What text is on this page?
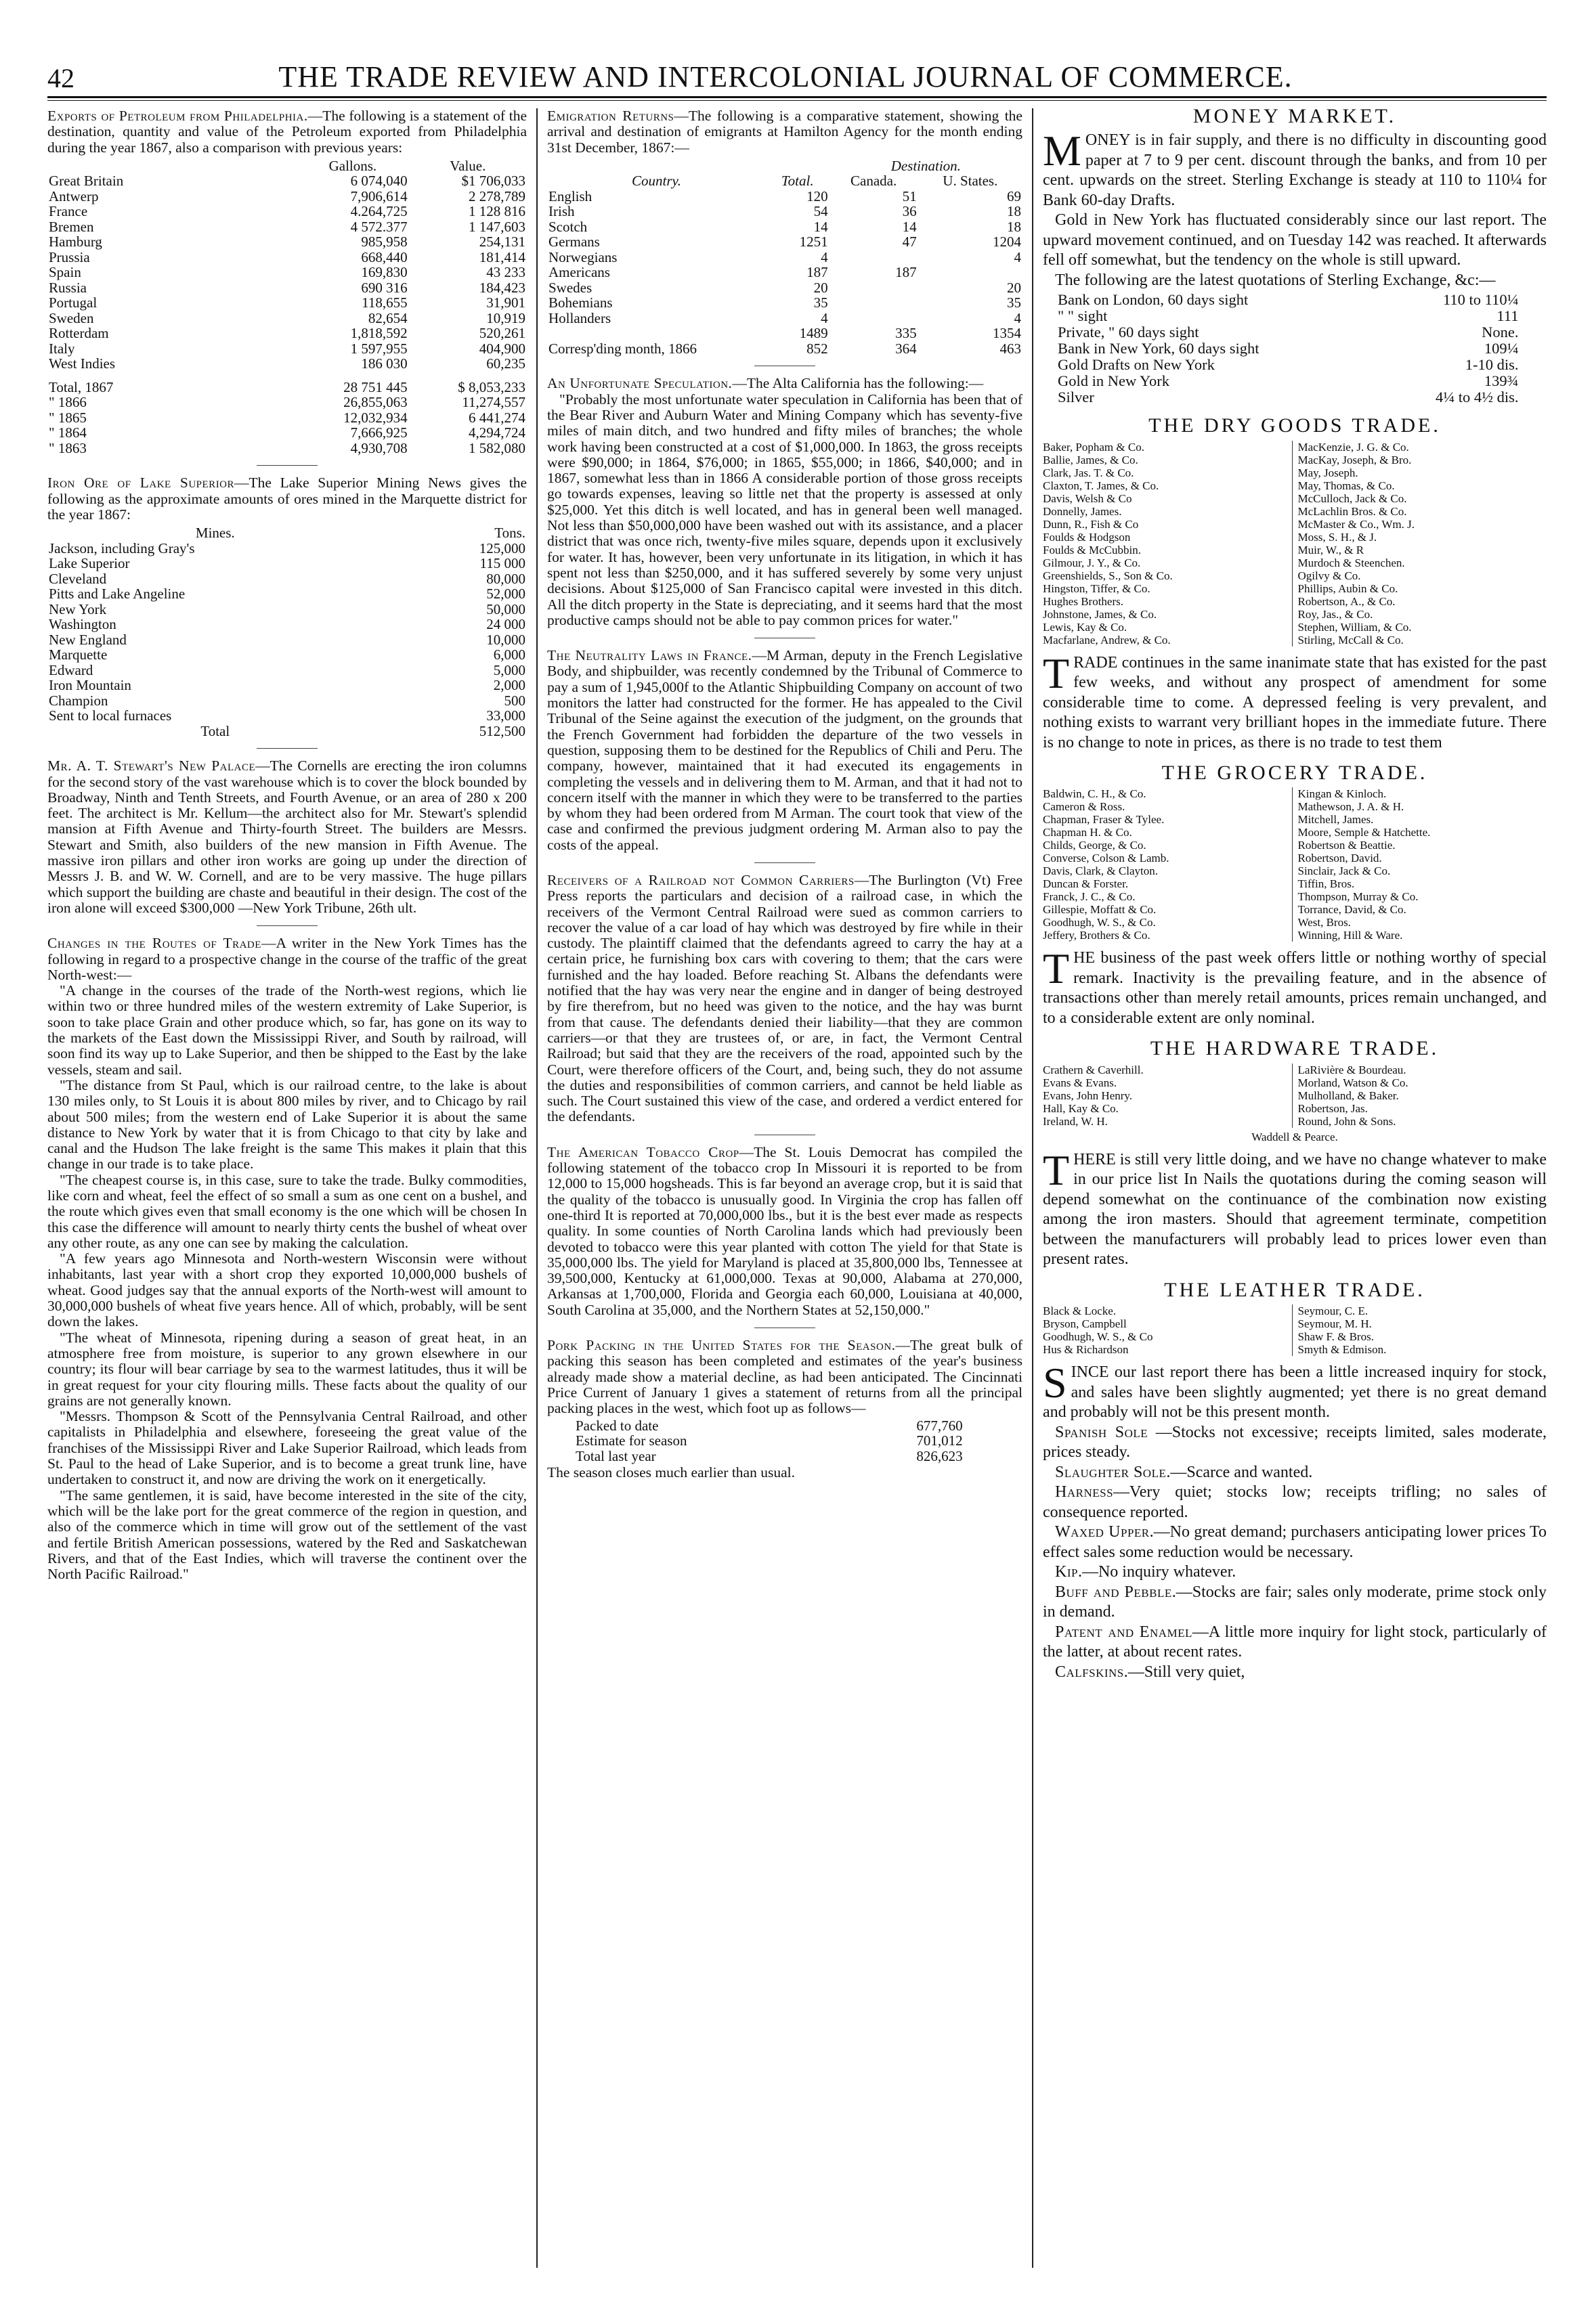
42	THE TRADE REVIEW AND INTERCOLONIAL JOURNAL OF COMMERCE.

Exports of Petroleum from Philadelphia.—The following is a statement of the destination, quantity and value of the Petroleum exported from Philadelphia during the year 1867, also a comparison with previous years:

	Gallons.	Value.
Great Britain	6 074,040	$1 706,033
Antwerp	7,906,614	2 278,789
France	4.264,725	1 128 816
Bremen	4 572.377	1 147,603
Hamburg	985,958	254,131
Prussia	668,440	181,414
Spain	169,830	43 233
Russia	690 316	184,423
Portugal	118,655	31,901
Sweden	82,654	10,919
Rotterdam	1,818,592	520,261
Italy	1 597,955	404,900
West Indies	186 030	60,235

Total, 1867	28 751 445	$ 8,053,233
" 1866	26,855,063	11,274,557
" 1865	12,032,934	6 441,274
" 1864	7,666,925	4,294,724
" 1863	4,930,708	1 582,080

Iron Ore of Lake Superior—The Lake Superior Mining News gives the following as the approximate amounts of ores mined in the Marquette district for the year 1867:

Mines.	Tons.
Jackson, including Gray's	125,000
Lake Superior	115 000
Cleveland	80,000
Pitts and Lake Angeline	52,000
New York	50,000
Washington	24 000
New England	10,000
Marquette	6,000
Edward	5,000
Iron Mountain	2,000
Champion	500
Sent to local furnaces	33,000
Total	512,500

Mr. A. T. Stewart's New Palace—The Cornells are erecting the iron columns for the second story of the vast warehouse which is to cover the block bounded by Broadway, Ninth and Tenth Streets, and Fourth Avenue, or an area of 280 x 200 feet. The architect is Mr. Kellum—the architect also for Mr. Stewart's splendid mansion at Fifth Avenue and Thirty-fourth Street. The builders are Messrs. Stewart and Smith, also builders of the new mansion in Fifth Avenue. The massive iron pillars and other iron works are going up under the direction of Messrs J. B. and W. W. Cornell, and are to be very massive. The huge pillars which support the building are chaste and beautiful in their design. The cost of the iron alone will exceed $300,000 —New York Tribune, 26th ult.

Changes in the Routes of Trade—A writer in the New York Times has the following in regard to a prospective change in the course of the traffic of the great North-west:—

"A change in the courses of the trade of the North-west regions, which lie within two or three hundred miles of the western extremity of Lake Superior, is soon to take place Grain and other produce which, so far, has gone on its way to the markets of the East down the Mississippi River, and South by railroad, will soon find its way up to Lake Superior, and then be shipped to the East by the lake vessels, steam and sail.

"The distance from St Paul, which is our railroad centre, to the lake is about 130 miles only, to St Louis it is about 800 miles by river, and to Chicago by rail about 500 miles; from the western end of Lake Superior it is about the same distance to New York by water that it is from Chicago to that city by lake and canal and the Hudson The lake freight is the same This makes it plain that this change in our trade is to take place.

"The cheapest course is, in this case, sure to take the trade. Bulky commodities, like corn and wheat, feel the effect of so small a sum as one cent on a bushel, and the route which gives even that small economy is the one which will be chosen In this case the difference will amount to nearly thirty cents the bushel of wheat over any other route, as any one can see by making the calculation.

"A few years ago Minnesota and North-western Wisconsin were without inhabitants, last year with a short crop they exported 10,000,000 bushels of wheat. Good judges say that the annual exports of the North-west will amount to 30,000,000 bushels of wheat five years hence. All of which, probably, will be sent down the lakes.

"The wheat of Minnesota, ripening during a season of great heat, in an atmosphere free from moisture, is superior to any grown elsewhere in our country; its flour will bear carriage by sea to the warmest latitudes, thus it will be in great request for your city flouring mills. These facts about the quality of our grains are not generally known.

"Messrs. Thompson & Scott of the Pennsylvania Central Railroad, and other capitalists in Philadelphia and elsewhere, foreseeing the great value of the franchises of the Mississippi River and Lake Superior Railroad, which leads from St. Paul to the head of Lake Superior, and is to become a great trunk line, have undertaken to construct it, and now are driving the work on it energetically.

"The same gentlemen, it is said, have become interested in the site of the city, which will be the lake port for the great commerce of the region in question, and also of the commerce which in time will grow out of the settlement of the vast and fertile British American possessions, watered by the Red and Saskatchewan Rivers, and that of the East Indies, which will traverse the continent over the North Pacific Railroad."

Emigration Returns—The following is a comparative statement, showing the arrival and destination of emigrants at Hamilton Agency for the month ending 31st December, 1867:—

		Destination.	
Country.	Total.	Canada.	U. States.
English	120	51	69
Irish	54	36	18
Scotch	14	14	18
Germans	1251	47	1204
Norwegians	4		4
Americans	187	187	
Swedes	20		20
Bohemians	35		35
Hollanders	4		4
	1489	335	1354
Corresp'ding month, 1866	852	364	463

An Unfortunate Speculation.—The Alta California has the following:—

"Probably the most unfortunate water speculation in California has been that of the Bear River and Auburn Water and Mining Company which has seventy-five miles of main ditch, and two hundred and fifty miles of branches; the whole work having been constructed at a cost of $1,000,000. In 1863, the gross receipts were $90,000; in 1864, $76,000; in 1865, $55,000; in 1866, $40,000; and in 1867, somewhat less than in 1866 A considerable portion of those gross receipts go towards expenses, leaving so little net that the property is assessed at only $25,000. Yet this ditch is well located, and has in general been well managed. Not less than $50,000,000 have been washed out with its assistance, and a placer district that was once rich, twenty-five miles square, depends upon it exclusively for water. It has, however, been very unfortunate in its litigation, in which it has spent not less than $250,000, and it has suffered severely by some very unjust decisions. About $125,000 of San Francisco capital were invested in this ditch. All the ditch property in the State is depreciating, and it seems hard that the most productive camps should not be able to pay common prices for water."

The Neutrality Laws in France.—M Arman, deputy in the French Legislative Body, and shipbuilder, was recently condemned by the Tribunal of Commerce to pay a sum of 1,945,000f to the Atlantic Shipbuilding Company on account of two monitors the latter had constructed for the former. He has appealed to the Civil Tribunal of the Seine against the execution of the judgment, on the grounds that the French Government had forbidden the departure of the two vessels in question, supposing them to be destined for the Republics of Chili and Peru. The company, however, maintained that it had executed its engagements in completing the vessels and in delivering them to M. Arman, and that it had not to concern itself with the manner in which they were to be transferred to the parties by whom they had been ordered from M Arman. The court took that view of the case and confirmed the previous judgment ordering M. Arman also to pay the costs of the appeal.

Receivers of a Railroad not Common Carriers—The Burlington (Vt) Free Press reports the particulars and decision of a railroad case, in which the receivers of the Vermont Central Railroad were sued as common carriers to recover the value of a car load of hay which was destroyed by fire while in their custody. The plaintiff claimed that the defendants agreed to carry the hay at a certain price, he furnishing box cars with covering to them; that the cars were furnished and the hay loaded. Before reaching St. Albans the defendants were notified that the hay was very near the engine and in danger of being destroyed by fire therefrom, but no heed was given to the notice, and the hay was burnt from that cause. The defendants denied their liability—that they are common carriers—or that they are trustees of, or are, in fact, the Vermont Central Railroad; but said that they are the receivers of the road, appointed such by the Court, were therefore officers of the Court, and, being such, they do not assume the duties and responsibilities of common carriers, and cannot be held liable as such. The Court sustained this view of the case, and ordered a verdict entered for the defendants.

The American Tobacco Crop—The St. Louis Democrat has compiled the following statement of the tobacco crop In Missouri it is reported to be from 12,000 to 15,000 hogsheads. This is far beyond an average crop, but it is said that the quality of the tobacco is unusually good. In Virginia the crop has fallen off one-third It is reported at 70,000,000 lbs., but it is the best ever made as respects quality. In some counties of North Carolina lands which had previously been devoted to tobacco were this year planted with cotton The yield for that State is 35,000,000 lbs. The yield for Maryland is placed at 35,800,000 lbs, Tennessee at 39,500,000, Kentucky at 61,000,000. Texas at 90,000, Alabama at 270,000, Arkansas at 1,700,000, Florida and Georgia each 60,000, Louisiana at 40,000, South Carolina at 35,000, and the Northern States at 52,150,000."

Pork Packing in the United States for the Season.—The great bulk of packing this season has been completed and estimates of the year's business already made show a material decline, as had been anticipated. The Cincinnati Price Current of January 1 gives a statement of returns from all the principal packing places in the west, which foot up as follows—

Packed to date	677,760
Estimate for season	701,012
Total last year	826,623

The season closes much earlier than usual.

MONEY MARKET.

MONEY is in fair supply, and there is no difficulty in discounting good paper at 7 to 9 per cent. discount through the banks, and from 10 per cent. upwards on the street. Sterling Exchange is steady at 110 to 110¼ for Bank 60-day Drafts.

Gold in New York has fluctuated considerably since our last report. The upward movement continued, and on Tuesday 142 was reached. It afterwards fell off somewhat, but the tendency on the whole is still upward.

The following are the latest quotations of Sterling Exchange, &c:—

Bank on London, 60 days sight	110 to 110¼
" " sight	111
Private, " 60 days sight	None.
Bank in New York, 60 days sight	109¼
Gold Drafts on New York	1-10 dis.
Gold in New York	139¾
Silver	4¼ to 4½ dis.
THE DRY GOODS TRADE.
Baker, Popham & Co.
Ballie, James, & Co.
Clark, Jas. T. & Co.
Claxton, T. James, & Co.
Davis, Welsh & Co
Donnelly, James.
Dunn, R., Fish & Co
Foulds & Hodgson
Foulds & McCubbin.
Gilmour, J. Y., & Co.
Greenshields, S., Son & Co.
Hingston, Tiffer, & Co.
Hughes Brothers.
Johnstone, James, & Co.
Lewis, Kay & Co.
Macfarlane, Andrew, & Co.
MacKenzie, J. G. & Co.
MacKay, Joseph, & Bro.
May, Joseph.
May, Thomas, & Co.
McCulloch, Jack & Co.
McLachlin Bros. & Co.
McMaster & Co., Wm. J.
Moss, S. H., & J.
Muir, W., & R
Murdoch & Steenchen.
Ogilvy & Co.
Phillips, Aubin & Co.
Robertson, A., & Co.
Roy, Jas., & Co.
Stephen, William, & Co.
Stirling, McCall & Co.

TRADE continues in the same inanimate state that has existed for the past few weeks, and without any prospect of amendment for some considerable time to come. A depressed feeling is very prevalent, and nothing exists to warrant very brilliant hopes in the immediate future. There is no change to note in prices, as there is no trade to test them

THE GROCERY TRADE.
Baldwin, C. H., & Co.
Cameron & Ross.
Chapman, Fraser & Tylee.
Chapman H. & Co.
Childs, George, & Co.
Converse, Colson & Lamb.
Davis, Clark, & Clayton.
Duncan & Forster.
Franck, J. C., & Co.
Gillespie, Moffatt & Co.
Goodhugh, W. S., & Co.
Jeffery, Brothers & Co.
Kingan & Kinloch.
Mathewson, J. A. & H.
Mitchell, James.
Moore, Semple & Hatchette.
Robertson & Beattie.
Robertson, David.
Sinclair, Jack & Co.
Tiffin, Bros.
Thompson, Murray & Co.
Torrance, David, & Co.
West, Bros.
Winning, Hill & Ware.

THE business of the past week offers little or nothing worthy of special remark. Inactivity is the prevailing feature, and in the absence of transactions other than merely retail amounts, prices remain unchanged, and to a considerable extent are only nominal.

THE HARDWARE TRADE.
Crathern & Caverhill.
Evans & Evans.
Evans, John Henry.
Hall, Kay & Co.
Ireland, W. H.
LaRivière & Bourdeau.
Morland, Watson & Co.
Mulholland, & Baker.
Robertson, Jas.
Round, John & Sons.
Waddell & Pearce.

THERE is still very little doing, and we have no change whatever to make in our price list In Nails the quotations during the coming season will depend somewhat on the continuance of the combination now existing among the iron masters. Should that agreement terminate, competition between the manufacturers will probably lead to prices lower even than present rates.

THE LEATHER TRADE.
Black & Locke.
Bryson, Campbell
Goodhugh, W. S., & Co
Hus & Richardson
Seymour, C. E.
Seymour, M. H.
Shaw F. & Bros.
Smyth & Edmison.

SINCE our last report there has been a little increased inquiry for stock, and sales have been slightly augmented; yet there is no great demand and probably will not be this present month.

Spanish Sole —Stocks not excessive; receipts limited, sales moderate, prices steady.

Slaughter Sole.—Scarce and wanted.

Harness—Very quiet; stocks low; receipts trifling; no sales of consequence reported.

Waxed Upper.—No great demand; purchasers anticipating lower prices To effect sales some reduction would be necessary.

Kip.—No inquiry whatever.

Buff and Pebble.—Stocks are fair; sales only moderate, prime stock only in demand.

Patent and Enamel—A little more inquiry for light stock, particularly of the latter, at about recent rates.

Calfskins.—Still very quiet,
